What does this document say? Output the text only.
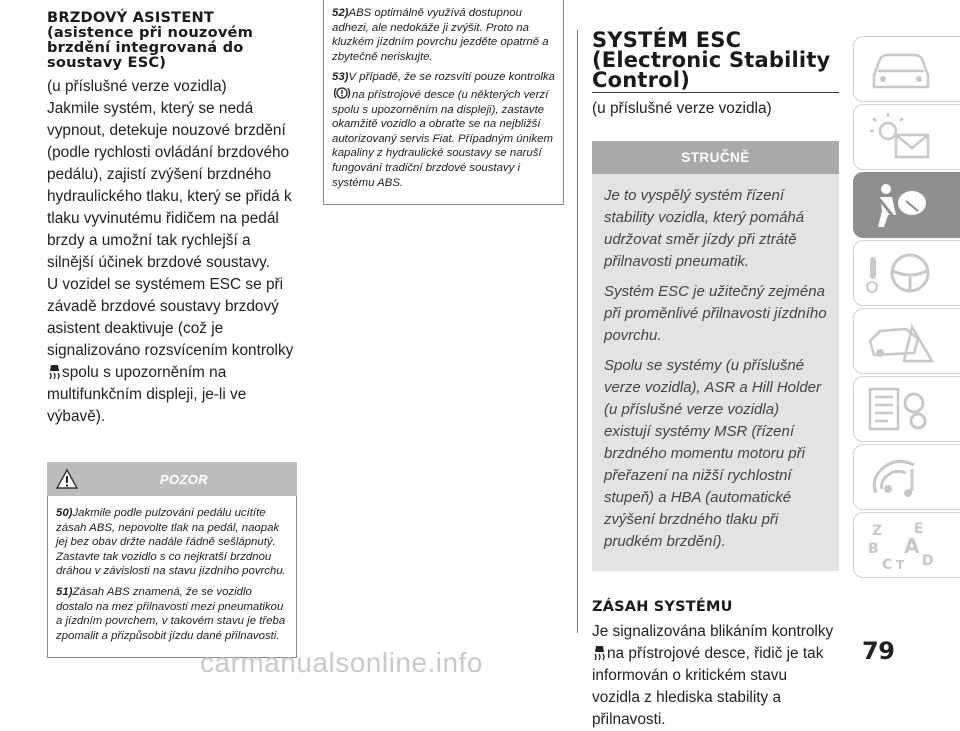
BRZDOVÝ ASISTENT
(asistence při nouzovém
brzdění integrovaná do
soustavy ESC)

(u příslušné verze vozidla)

Jakmile systém, který se nedá vypnout, detekuje nouzové brzdění (podle rychlosti ovládání brzdového pedálu), zajistí zvýšení brzdného hydraulického tlaku, který se přidá k tlaku vyvinutému řidičem na pedál brzdy a umožní tak rychlejší a silnější účinek brzdové soustavy.

U vozidel se systémem ESC se při závadě brzdové soustavy brzdový asistent deaktivuje (což je signalizováno rozsvícením kontrolkyspolu s upozorněním na multifunkčním displeji, je-li ve výbavě).

POZOR

50)Jakmile podle pulzování pedálu ucítíte zásah ABS, nepovolte tlak na pedál, naopak jej bez obav držte nadále řádně sešlápnutý. Zastavte tak vozidlo s co nejkratší brzdnou dráhou v závislosti na stavu jízdního povrchu.

51)Zásah ABS znamená, že se vozidlo dostalo na mez přilnavosti mezi pneumatikou a jízdním povrchem, v takovém stavu je třeba zpomalit a přizpůsobit jízdu dané přilnavosti.

52)ABS optimálně využívá dostupnou adhezi, ale nedokáže ji zvýšit. Proto na kluzkém jízdním povrchu jezděte opatrně a zbytečně neriskujte.

53)V případě, že se rozsvítí pouze kontrolkana přístrojové desce (u některých verzí spolu s upozorněním na displeji), zastavte okamžitě vozidlo a obraťte se na nejbližší autorizovaný servis Fiat. Případným únikem kapaliny z hydraulické soustavy se naruší fungování tradiční brzdové soustavy i systému ABS.

SYSTÉM ESC
(Electronic Stability
Control)
(u příslušné verze vozidla)
STRUČNĚ

Je to vyspělý systém řízení stability vozidla, který pomáhá udržovat směr jízdy při ztrátě přilnavosti pneumatik.

Systém ESC je užitečný zejména při proměnlivé přilnavosti jízdního povrchu.

Spolu se systémy (u příslušné verze vozidla), ASR a Hill Holder (u příslušné verze vozidla) existují systémy MSR (řízení brzdného momentu motoru při přeřazení na nižší rychlostní stupeň) a HBA (automatické zvýšení brzdného tlaku při prudkém brzdění).

ZÁSAH SYSTÉMU

Je signalizována blikáním kontrolky
na přístrojové desce, řidič je tak informován o kritickém stavu vozidla z hlediska stability a přilnavosti.

Z E
B A
C T D
79
carmanualsonline.info
